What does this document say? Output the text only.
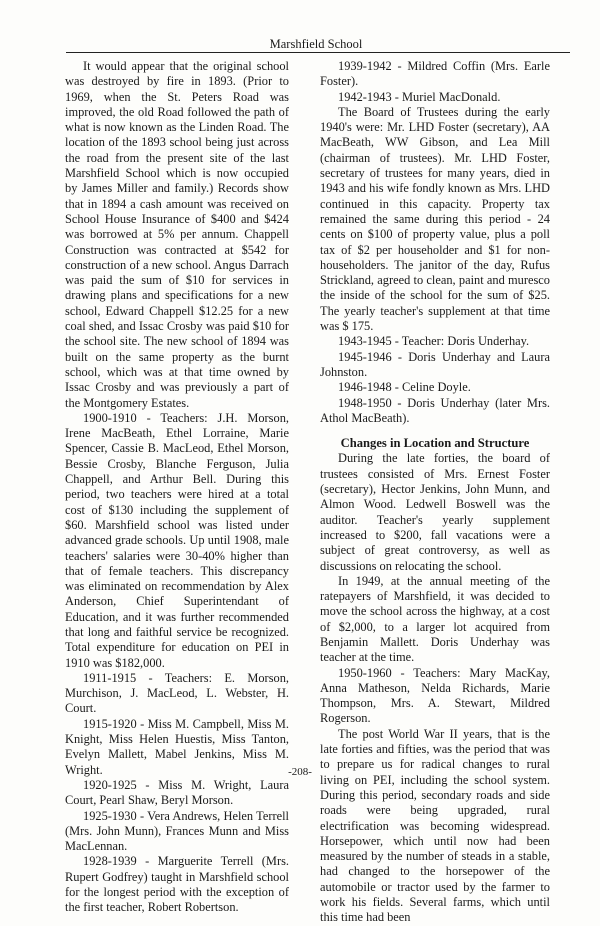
Marshfield School

It would appear that the original school was destroyed by fire in 1893. (Prior to 1969, when the St. Peters Road was improved, the old Road followed the path of what is now known as the Linden Road. The location of the 1893 school being just across the road from the present site of the last Marshfield School which is now occupied by James Miller and family.) Records show that in 1894 a cash amount was received on School House Insurance of $400 and $424 was borrowed at 5% per annum. Chappell Construction was contracted at $542 for construction of a new school. Angus Darrach was paid the sum of $10 for services in drawing plans and specifications for a new school, Edward Chappell $12.25 for a new coal shed, and Issac Crosby was paid $10 for the school site. The new school of 1894 was built on the same property as the burnt school, which was at that time owned by Issac Crosby and was previously a part of the Montgomery Estates.

1900-1910 - Teachers: J.H. Morson, Irene MacBeath, Ethel Lorraine, Marie Spencer, Cassie B. MacLeod, Ethel Morson, Bessie Crosby, Blanche Ferguson, Julia Chappell, and Arthur Bell. During this period, two teachers were hired at a total cost of $130 including the supplement of $60. Marshfield school was listed under advanced grade schools. Up until 1908, male teachers' salaries were 30-40% higher than that of female teachers. This discrepancy was eliminated on recommendation by Alex Anderson, Chief Superintendant of Education, and it was further recommended that long and faithful service be recognized. Total expenditure for education on PEI in 1910 was $182,000.

1911-1915 - Teachers: E. Morson, Murchison, J. MacLeod, L. Webster, H. Court.

1915-1920 - Miss M. Campbell, Miss M. Knight, Miss Helen Huestis, Miss Tanton, Evelyn Mallett, Mabel Jenkins, Miss M. Wright.

1920-1925 - Miss M. Wright, Laura Court, Pearl Shaw, Beryl Morson.

1925-1930 - Vera Andrews, Helen Terrell (Mrs. John Munn), Frances Munn and Miss MacLennan.

1928-1939 - Marguerite Terrell (Mrs. Rupert Godfrey) taught in Marshfield school for the longest period with the exception of the first teacher, Robert Robertson.

1939-1942 - Mildred Coffin (Mrs. Earle Foster).

1942-1943 - Muriel MacDonald.

The Board of Trustees during the early 1940's were: Mr. LHD Foster (secretary), AA MacBeath, WW Gibson, and Lea Mill (chairman of trustees). Mr. LHD Foster, secretary of trustees for many years, died in 1943 and his wife fondly known as Mrs. LHD continued in this capacity. Property tax remained the same during this period - 24 cents on $100 of property value, plus a poll tax of $2 per householder and $1 for non-householders. The janitor of the day, Rufus Strickland, agreed to clean, paint and muresco the inside of the school for the sum of $25. The yearly teacher's supplement at that time was $ 175.

1943-1945 - Teacher: Doris Underhay.

1945-1946 - Doris Underhay and Laura Johnston.

1946-1948 - Celine Doyle.

1948-1950 - Doris Underhay (later Mrs. Athol MacBeath).

Changes in Location and Structure

During the late forties, the board of trustees consisted of Mrs. Ernest Foster (secretary), Hector Jenkins, John Munn, and Almon Wood. Ledwell Boswell was the auditor. Teacher's yearly supplement increased to $200, fall vacations were a subject of great controversy, as well as discussions on relocating the school.

In 1949, at the annual meeting of the ratepayers of Marshfield, it was decided to move the school across the highway, at a cost of $2,000, to a larger lot acquired from Benjamin Mallett. Doris Underhay was teacher at the time.

1950-1960 - Teachers: Mary MacKay, Anna Matheson, Nelda Richards, Marie Thompson, Mrs. A. Stewart, Mildred Rogerson.

The post World War II years, that is the late forties and fifties, was the period that was to prepare us for radical changes to rural living on PEI, including the school system. During this period, secondary roads and side roads were being upgraded, rural electrification was becoming widespread. Horsepower, which until now had been measured by the number of steads in a stable, had changed to the horsepower of the automobile or tractor used by the farmer to work his fields. Several farms, which until this time had been

-208-
